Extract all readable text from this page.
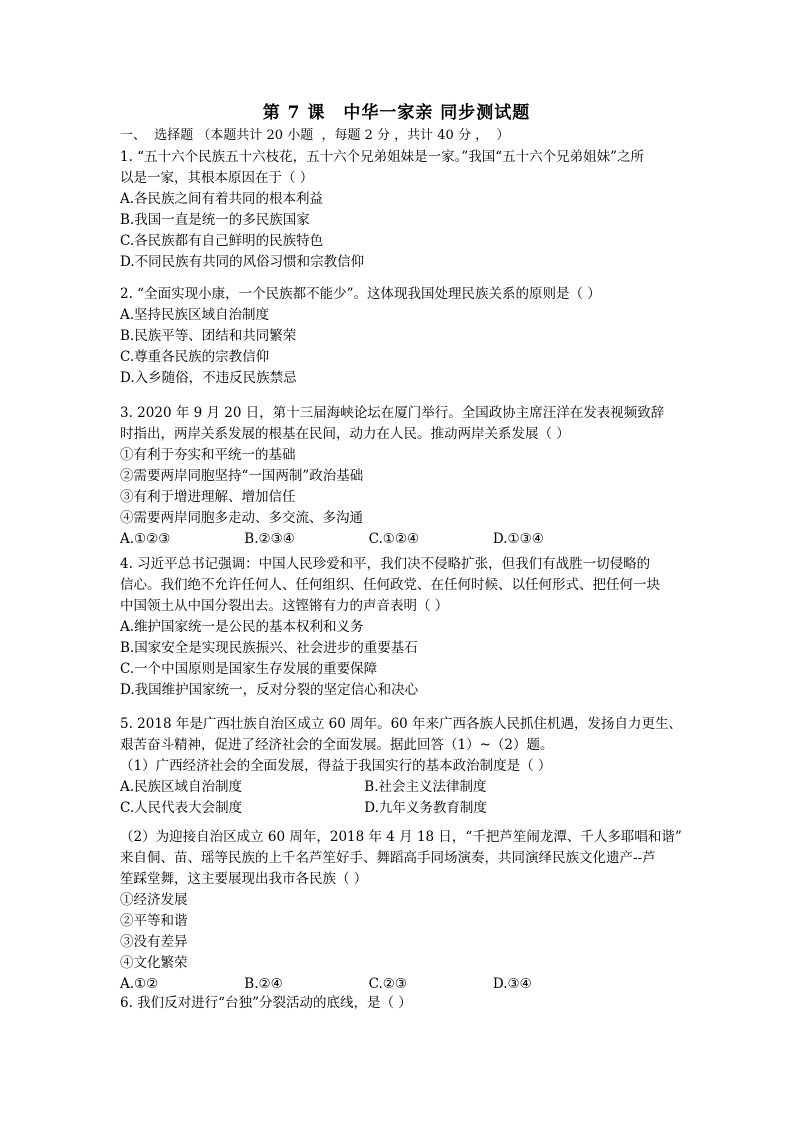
第 7 课　中华一家亲 同步测试题
一、  选择题 （本题共计 20 小题  ，每题 2 分 ，共计 40 分 ，  ）
1. “五十六个民族五十六枝花，五十六个兄弟姐妹是一家。”我国“五十六个兄弟姐妹”之所
以是一家，其根本原因在于（ ）
A.各民族之间有着共同的根本利益
B.我国一直是统一的多民族国家
C.各民族都有自己鲜明的民族特色
D.不同民族有共同的风俗习惯和宗教信仰
2. “全面实现小康，一个民族都不能少”。这体现我国处理民族关系的原则是（ ）
A.坚持民族区域自治制度
B.民族平等、团结和共同繁荣
C.尊重各民族的宗教信仰
D.入乡随俗，不违反民族禁忌
3. 2020 年 9 月 20 日，第十三届海峡论坛在厦门举行。全国政协主席汪洋在发表视频致辞
时指出，两岸关系发展的根基在民间，动力在人民。推动两岸关系发展（ ）
①有利于夯实和平统一的基础
②需要两岸同胞坚持“一国两制”政治基础
③有利于增进理解、增加信任
④需要两岸同胞多走动、多交流、多沟通
A.①②③	B.②③④	C.①②④	D.①③④
4. 习近平总书记强调：中国人民珍爱和平，我们决不侵略扩张，但我们有战胜一切侵略的
信心。我们绝不允许任何人、任何组织、任何政党、在任何时候、以任何形式、把任何一块
中国领土从中国分裂出去。这铿锵有力的声音表明（ ）
A.维护国家统一是公民的基本权利和义务
B.国家安全是实现民族振兴、社会进步的重要基石
C.一个中国原则是国家生存发展的重要保障
D.我国维护国家统一，反对分裂的坚定信心和决心
5. 2018 年是广西壮族自治区成立 60 周年。60 年来广西各族人民抓住机遇，发扬自力更生、
艰苦奋斗精神，促进了经济社会的全面发展。据此回答（1）~（2）题。
（1）广西经济社会的全面发展，得益于我国实行的基本政治制度是（ ）
A.民族区域自治制度	B.社会主义法律制度
C.人民代表大会制度	D.九年义务教育制度
（2）为迎接自治区成立 60 周年，2018 年 4 月 18 日，“千把芦笙闹龙潭、千人多耶唱和谐”
来自侗、苗、瑶等民族的上千名芦笙好手、舞蹈高手同场演奏，共同演绎民族文化遗产--芦
笙踩堂舞，这主要展现出我市各民族（ ）
①经济发展
②平等和谐
③没有差异
④文化繁荣
A.①②	B.②④	C.②③	D.③④
6. 我们反对进行“台独”分裂活动的底线，是（ ）
